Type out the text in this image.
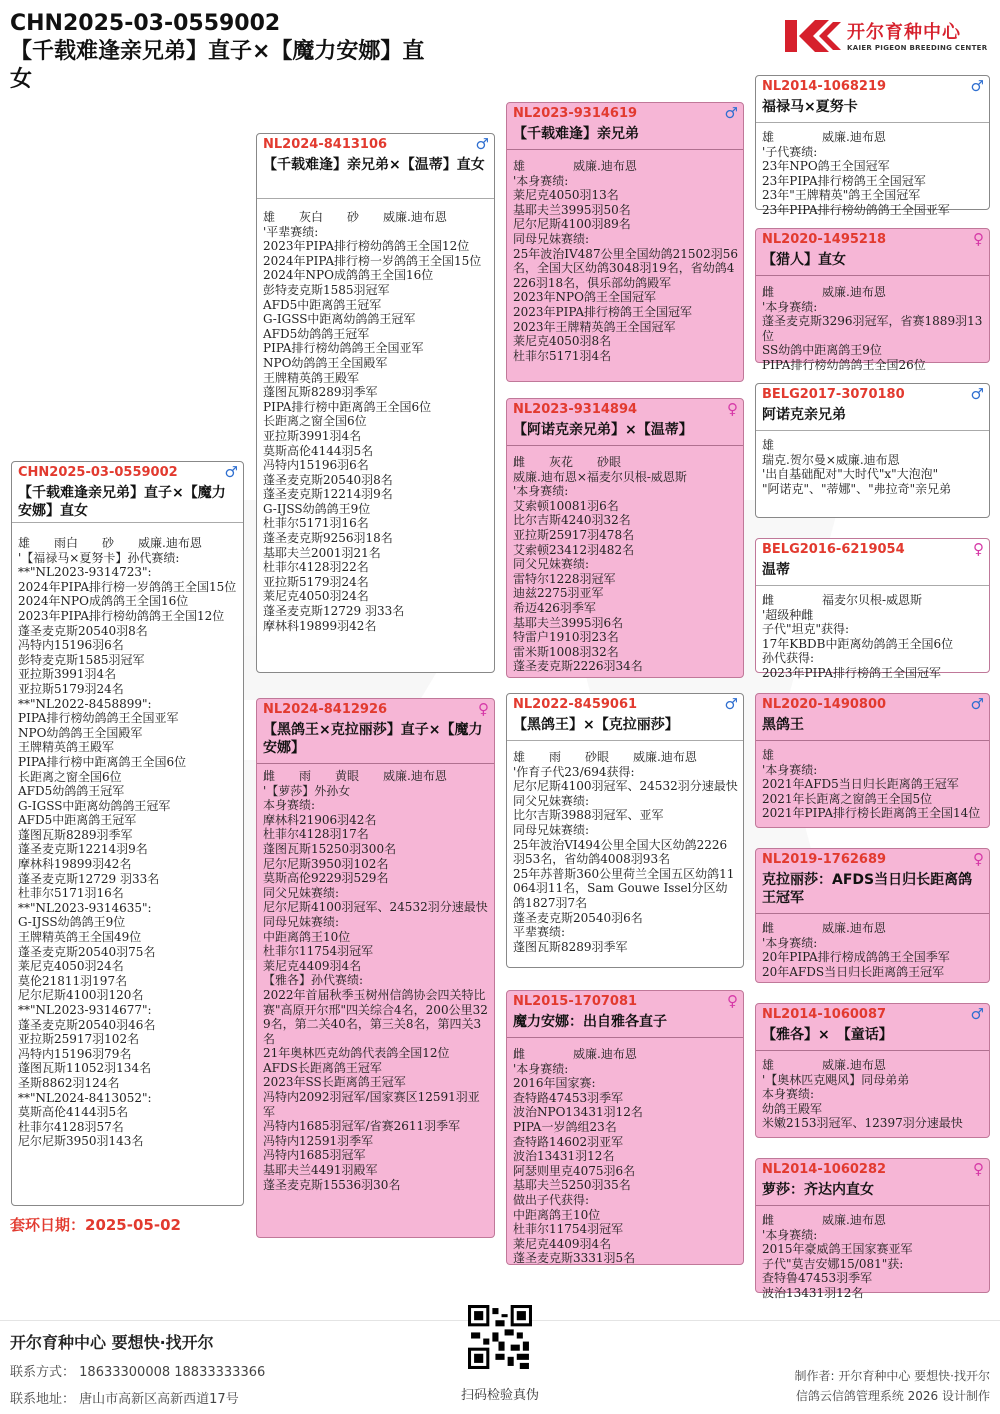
CHN2025-03-0559002
【千载难逢亲兄弟】直子×【魔力安娜】直
女
开尔育种中心
KAIER PIGEON BREEDING CENTER
CHN2025-03-0559002	♂
【千载难逢亲兄弟】直子×【魔力安娜】直女
雄　　雨白　　砂　　威廉.迪布恩
'【福禄马×夏努卡】孙代赛绩:
**"NL2023-9314723":
2024年PIPA排行榜一岁鸽鸽王全国15位
2024年NPO成鸽鸽王全国16位
2023年PIPA排行榜幼鸽鸽王全国12位
蓬圣麦克斯20540羽8名
冯特内15196羽6名
彭特麦克斯1585羽冠军
亚拉斯3991羽4名
亚拉斯5179羽24名
**"NL2022-8458899":
PIPA排行榜幼鸽鸽王全国亚军
NPO幼鸽鸽王全国殿军
王牌精英鸽王殿军
PIPA排行榜中距离鸽王全国6位
长距离之窗全国6位
AFD5幼鸽鸽王冠军
G-IGSS中距离幼鸽鸽王冠军
AFD5中距离鸽王冠军
蓬图瓦斯8289羽季军
蓬圣麦克斯12214羽9名
摩林科19899羽42名
蓬圣麦克斯12729 羽33名
杜菲尔5171羽16名
**"NL2023-9314635":
G-IJSS幼鸽鸽王9位
王牌精英鸽王全国49位
蓬圣麦克斯20540羽75名
莱尼克4050羽24名
莫伦21811羽197名
尼尔尼斯4100羽120名
**"NL2023-9314677":
蓬圣麦克斯20540羽46名
亚拉斯25917羽102名
冯特内15196羽79名
蓬图瓦斯11052羽134名
圣斯8862羽124名
**"NL2024-8413052":
莫斯高伦4144羽5名
杜菲尔4128羽57名
尼尔尼斯3950羽143名
套环日期：2025-05-02
NL2024-8413106	♂
【千载难逢】亲兄弟×【温蒂】直女
雄　　灰白　　砂　　威廉.迪布恩
'平辈赛绩:
2023年PIPA排行榜幼鸽鸽王全国12位
2024年PIPA排行榜一岁鸽鸽王全国15位
2024年NPO成鸽鸽王全国16位
彭特麦克斯1585羽冠军
AFD5中距离鸽王冠军
G-IGSS中距离幼鸽鸽王冠军
AFD5幼鸽鸽王冠军
PIPA排行榜幼鸽鸽王全国亚军
NPO幼鸽鸽王全国殿军
王牌精英鸽王殿军
蓬图瓦斯8289羽季军
PIPA排行榜中距离鸽王全国6位
长距离之窗全国6位
亚拉斯3991羽4名
莫斯高伦4144羽5名
冯特内15196羽6名
蓬圣麦克斯20540羽8名
蓬圣麦克斯12214羽9名
G-IJSS幼鸽鸽王9位
杜菲尔5171羽16名
蓬圣麦克斯9256羽18名
基耶夫兰2001羽21名
杜菲尔4128羽22名
亚拉斯5179羽24名
莱尼克4050羽24名
蓬圣麦克斯12729 羽33名
摩林科19899羽42名
NL2024-8412926	♀
【黑鸽王×克拉丽莎】直子×【魔力安娜】
雌　　雨　　黄眼　　威廉.迪布恩
'【萝莎】外孙女
本身赛绩:
摩林科21906羽42名
杜菲尔4128羽17名
蓬图瓦斯15250羽300名
尼尔尼斯3950羽102名
莫斯高伦9229羽529名
同父兄妹赛绩:
尼尔尼斯4100羽冠军、24532羽分速最快
同母兄妹赛绩:
中距离鸽王10位
杜菲尔11754羽冠军
莱尼克4409羽4名
【雅各】孙代赛绩:
2022年首届秋季玉树州信鸽协会四关特比赛"高原开尔邢"四关综合4名，200公里329名，第二关40名，第三关8名，第四关3名
21年奥林匹克幼鸽代表鸽全国12位
AFDS长距离鸽王冠军
2023年SS长距离鸽王冠军
冯特内2092羽冠军/国家赛区12591羽亚军
冯特内1685羽冠军/省赛2611羽季军
冯特内12591羽季军
冯特内1685羽冠军
基耶夫兰4491羽殿军
蓬圣麦克斯15536羽30名
NL2023-9314619	♂
【千载难逢】亲兄弟
雄　　　　威廉.迪布恩
'本身赛绩:
莱尼克4050羽13名
基耶夫兰3995羽50名
尼尔尼斯4100羽89名
同母兄妹赛绩:
25年波治IV487公里全国幼鸽21502羽56名，全国大区幼鸽3048羽19名，省幼鸽4226羽18名，俱乐部幼鸽殿军
2023年NPO鸽王全国冠军
2023年PIPA排行榜鸽王全国冠军
2023年王牌精英鸽王全国冠军
莱尼克4050羽8名
杜菲尔5171羽4名
NL2023-9314894	♀
【阿诺克亲兄弟】×【温蒂】
雌　　灰花　　砂眼
威廉.迪布恩×福麦尔贝根-威恩斯
'本身赛绩:
艾索顿10081羽6名
比尔吉斯4240羽32名
亚拉斯25917羽478名
艾索顿23412羽482名
同父兄妹赛绩:
雷特尔1228羽冠军
迪兹2275羽亚军
希迈426羽季军
基耶夫兰3995羽6名
特雷户1910羽23名
雷米斯1008羽32名
蓬圣麦克斯2226羽34名
NL2022-8459061	♂
【黑鸽王】×【克拉丽莎】
雄　　雨　　砂眼　　威廉.迪布恩
'作育子代23/694获得:
尼尔尼斯4100羽冠军、24532羽分速最快
同父兄妹赛绩:
比尔吉斯3988羽冠军、亚军
同母兄妹赛绩:
25年波治VI494公里全国大区幼鸽2226羽53名，省幼鸽4008羽93名
25年苏普斯360公里荷兰全国五区幼鸽11064羽11名，Sam Gouwe Issel分区幼鸽1827羽7名
蓬圣麦克斯20540羽6名
平辈赛绩:
蓬图瓦斯8289羽季军
NL2015-1707081	♀
魔力安娜：出自雅各直子
雌　　　　威廉.迪布恩
'本身赛绩:
2016年国家赛:
查特路47453羽季军
波治NPO13431羽12名
PIPA一岁鸽组23名
查特路14602羽亚军
波治13431羽12名
阿瑟则里克4075羽6名
基耶夫兰5250羽35名
做出子代获得:
中距离鸽王10位
杜菲尔11754羽冠军
莱尼克4409羽4名
蓬圣麦克斯3331羽5名
NL2014-1068219	♂
福禄马×夏努卡
雄　　　　威廉.迪布恩
'子代赛绩:
23年NPO鸽王全国冠军
23年PIPA排行榜鸽王全国冠军
23年"王牌精英"鸽王全国冠军
23年PIPA排行榜幼鸽鸽王全国亚军
NL2020-1495218	♀
【猎人】直女
雌　　　　威廉.迪布恩
'本身赛绩:
蓬圣麦克斯3296羽冠军，省赛1889羽13位
SS幼鸽中距离鸽王9位
PIPA排行榜幼鸽鸽王全国26位
BELG2017-3070180	♂
阿诺克亲兄弟
雄
瑞克.贺尔曼×威廉.迪布恩
'出自基础配对"大时代"x"大泡泡"
"阿诺克"、"蒂娜"、"弗拉奇"亲兄弟
BELG2016-6219054	♀
温蒂
雌　　　　福麦尔贝根-威恩斯
'超级种雌
子代"坦克"获得:
17年KBDB中距离幼鸽鸽王全国6位
孙代获得:
2023年PIPA排行榜鸽王全国冠军
NL2020-1490800	♂
黑鸽王
雄
'本身赛绩:
2021年AFD5当日归长距离鸽王冠军
2021年长距离之窗鸽王全国5位
2021年PIPA排行榜长距离鸽王全国14位
NL2019-1762689	♀
克拉丽莎：AFDS当日归长距离鸽王冠军
雌　　　　威廉.迪布恩
'本身赛绩:
20年PIPA排行榜成鸽鸽王全国季军
20年AFDS当日归长距离鸽王冠军
NL2014-1060087	♂
【雅各】×　【童话】
雄　　　　威廉.迪布恩
'【奥林匹克飓风】同母弟弟
本身赛绩:
幼鸽王殿军
米嫩2153羽冠军、12397羽分速最快
NL2014-1060282	♀
萝莎：齐达内直女
雌　　　　威廉.迪布恩
'本身赛绩:
2015年豪威鸽王国家赛亚军
子代"莫吉安娜15/081"获:
查特鲁47453羽季军
波治13431羽12名
开尔育种中心 要想快·找开尔
联系方式： 18633300008 18833333366
联系地址： 唐山市高新区高新西道17号	扫码检验真伪
制作者: 开尔育种中心 要想快·找开尔
信鸽云信鸽管理系统 2026 设计制作
